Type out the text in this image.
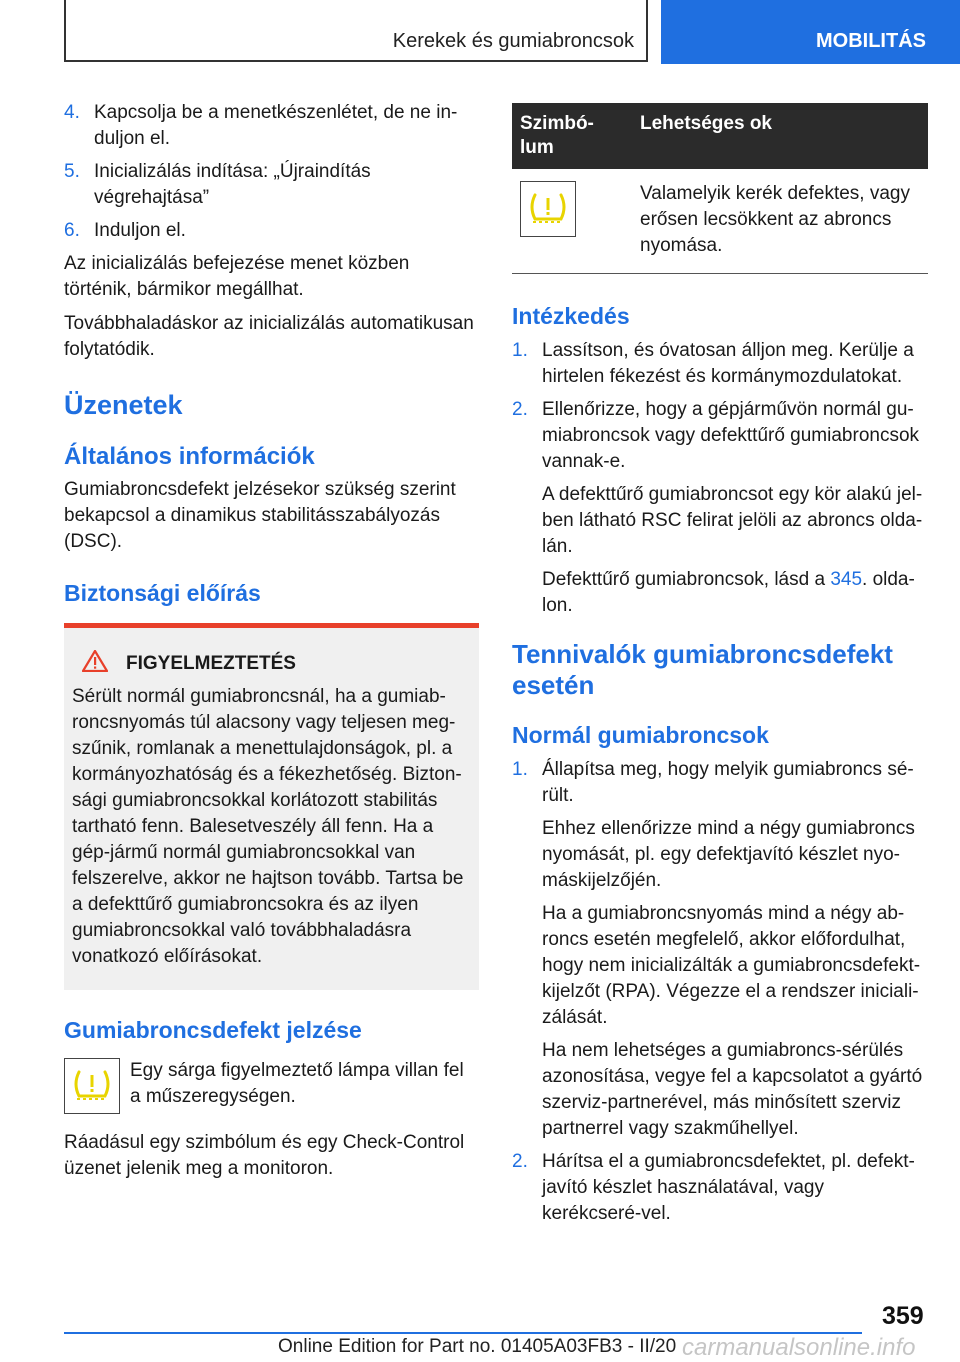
Kerekek és gumiabroncsok	MOBILITÁS
4. Kapcsolja be a menetkészenlétet, de ne in-duljon el.
5. Inicializálás indítása: „Újraindítás végrehajtása”
6. Induljon el.

Az inicializálás befejezése menet közben történik, bármikor megállhat.

Továbbhaladáskor az inicializálás automatikusan folytatódik.

Üzenetek
Általános információk

Gumiabroncsdefekt jelzésekor szükség szerint bekapcsol a dinamikus stabilitásszabályozás (DSC).

Biztonsági előírás
FIGYELMEZTETÉS

Sérült normál gumiabroncsnál, ha a gumiab-roncsnyomás túl alacsony vagy teljesen meg-szűnik, romlanak a menettulajdonságok, pl. a kormányozhatóság és a fékezhetőség. Bizton-sági gumiabroncsokkal korlátozott stabilitás tartható fenn. Balesetveszély áll fenn. Ha a gép-jármű normál gumiabroncsokkal van felszerelve, akkor ne hajtson tovább. Tartsa be a defekttűrő gumiabroncsokra és az ilyen gumiabroncsokkal való továbbhaladásra vonatkozó előírásokat.

Gumiabroncsdefekt jelzése

Egy sárga figyelmeztető lámpa villan fel a műszeregységen.

Ráadásul egy szimbólum és egy Check-Control üzenet jelenik meg a monitoron.

Szimbó-lum	Lehetséges ok

	Valamelyik kerék defektes, vagy erősen lecsökkent az abroncs nyomása.
Intézkedés
1. Lassítson, és óvatosan álljon meg. Kerülje a hirtelen fékezést és kormánymozdulatokat.
2. Ellenőrizze, hogy a gépjárművön normál gu-miabroncsok vagy defekttűrő gumiabroncsok vannak-e.

A defekttűrő gumiabroncsot egy kör alakú jel-ben látható RSC felirat jelöli az abroncs olda-lán.

Defekttűrő gumiabroncsok, lásd a 345. olda-lon.

Tennivalók gumiabroncsdefekt esetén
Normál gumiabroncsok
1. Állapítsa meg, hogy melyik gumiabroncs sé-rült.

Ehhez ellenőrizze mind a négy gumiabroncs nyomását, pl. egy defektjavító készlet nyo-máskijelzőjén.

Ha a gumiabroncsnyomás mind a négy ab-roncs esetén megfelelő, akkor előfordulhat, hogy nem inicializálták a gumiabroncsdefekt-kijelzőt (RPA). Végezze el a rendszer iniciali-zálását.

Ha nem lehetséges a gumiabroncs-sérülés azonosítása, vegye fel a kapcsolatot a gyártó szerviz-partnerével, más minősített szerviz partnerrel vagy szakműhellyel.

2. Hárítsa el a gumiabroncsdefektet, pl. defekt-javító készlet használatával, vagy kerékcseré-vel.
359
Online Edition for Part no. 01405A03FB3 - II/20 carmanualsonline.info
